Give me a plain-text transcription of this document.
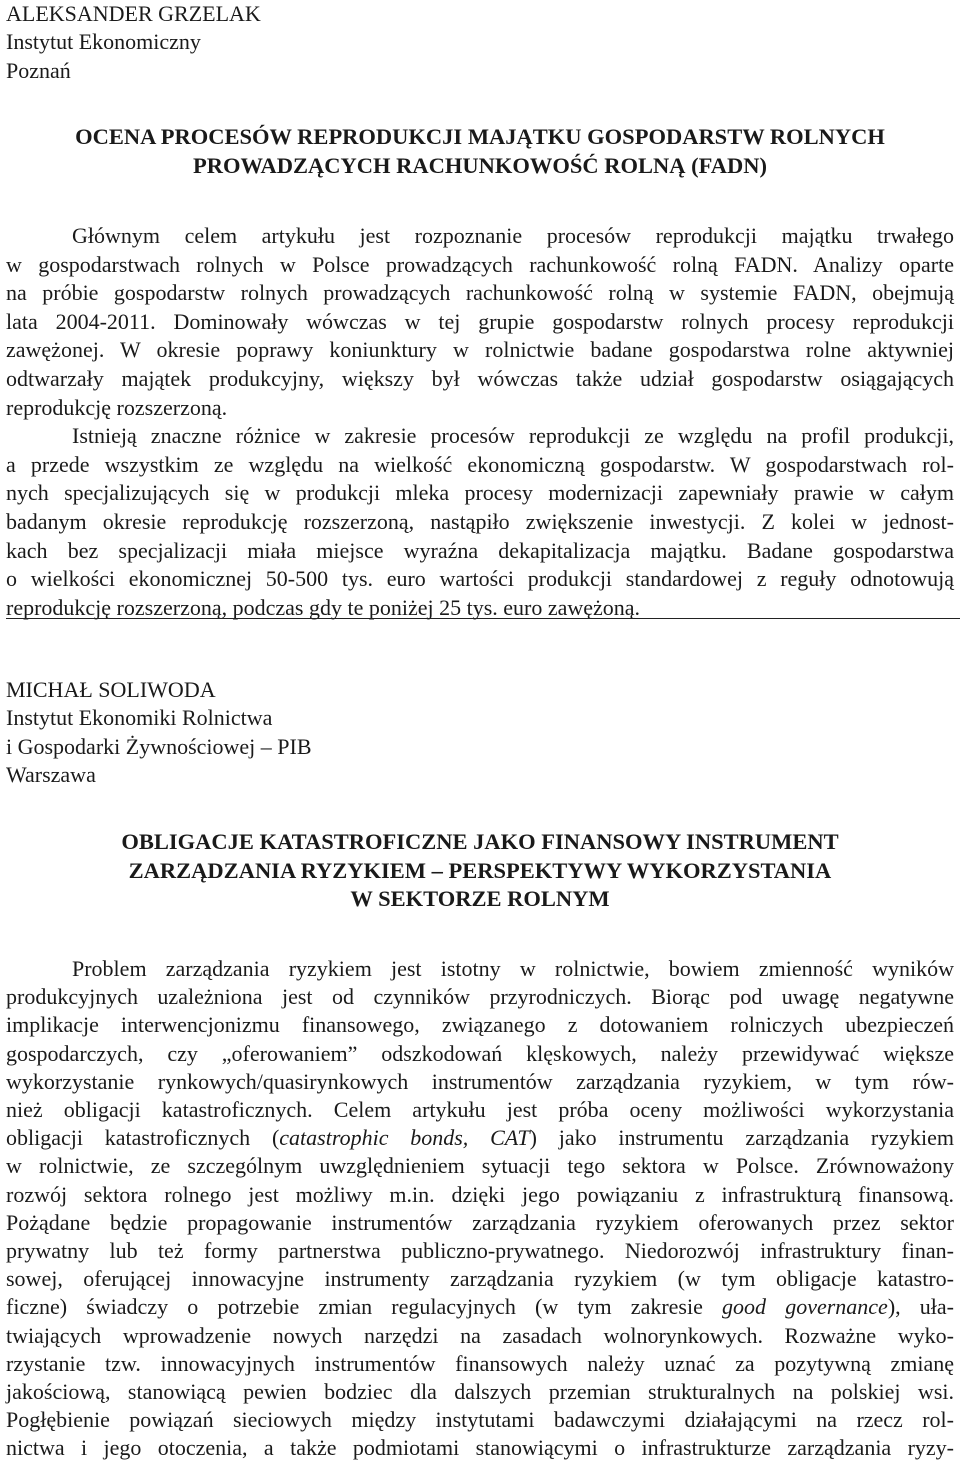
ALEKSANDER GRZELAK
Instytut Ekonomiczny
Poznań
OCENA PROCESÓW REPRODUKCJI MAJĄTKU GOSPODARSTW ROLNYCH
PROWADZĄCYCH RACHUNKOWOŚĆ ROLNĄ (FADN)
Głównym celem artykułu jest rozpoznanie procesów reprodukcji majątku trwałego
w gospodarstwach rolnych w Polsce prowadzących rachunkowość rolną FADN. Analizy oparte
na próbie gospodarstw rolnych prowadzących rachunkowość rolną w systemie FADN, obejmują
lata 2004-2011. Dominowały wówczas w tej grupie gospodarstw rolnych procesy reprodukcji
zawężonej. W okresie poprawy koniunktury w rolnictwie badane gospodarstwa rolne aktywniej
odtwarzały majątek produkcyjny, większy był wówczas także udział gospodarstw osiągających
reprodukcję rozszerzoną.
Istnieją znaczne różnice w zakresie procesów reprodukcji ze względu na profil produkcji,
a przede wszystkim ze względu na wielkość ekonomiczną gospodarstw. W gospodarstwach rol-
nych specjalizujących się w produkcji mleka procesy modernizacji zapewniały prawie w całym
badanym okresie reprodukcję rozszerzoną, nastąpiło zwiększenie inwestycji. Z kolei w jednost-
kach bez specjalizacji miała miejsce wyraźna dekapitalizacja majątku. Badane gospodarstwa
o wielkości ekonomicznej 50-500 tys. euro wartości produkcji standardowej z reguły odnotowują
reprodukcję rozszerzoną, podczas gdy te poniżej 25 tys. euro zawężoną.
MICHAŁ SOLIWODA
Instytut Ekonomiki Rolnictwa
i Gospodarki Żywnościowej – PIB
Warszawa
OBLIGACJE KATASTROFICZNE JAKO FINANSOWY INSTRUMENT
ZARZĄDZANIA RYZYKIEM – PERSPEKTYWY WYKORZYSTANIA
W SEKTORZE ROLNYM
Problem zarządzania ryzykiem jest istotny w rolnictwie, bowiem zmienność wyników
produkcyjnych uzależniona jest od czynników przyrodniczych. Biorąc pod uwagę negatywne
implikacje interwencjonizmu finansowego, związanego z dotowaniem rolniczych ubezpieczeń
gospodarczych, czy „oferowaniem” odszkodowań klęskowych, należy przewidywać większe
wykorzystanie rynkowych/quasirynkowych instrumentów zarządzania ryzykiem, w tym rów-
nież obligacji katastroficznych. Celem artykułu jest próba oceny możliwości wykorzystania
obligacji katastroficznych (catastrophic bonds, CAT) jako instrumentu zarządzania ryzykiem
w rolnictwie, ze szczególnym uwzględnieniem sytuacji tego sektora w Polsce. Zrównoważony
rozwój sektora rolnego jest możliwy m.in. dzięki jego powiązaniu z infrastrukturą finansową.
Pożądane będzie propagowanie instrumentów zarządzania ryzykiem oferowanych przez sektor
prywatny lub też formy partnerstwa publiczno-prywatnego. Niedorozwój infrastruktury finan-
sowej, oferującej innowacyjne instrumenty zarządzania ryzykiem (w tym obligacje katastro-
ficzne) świadczy o potrzebie zmian regulacyjnych (w tym zakresie good governance), uła-
twiających wprowadzenie nowych narzędzi na zasadach wolnorynkowych. Rozważne wyko-
rzystanie tzw. innowacyjnych instrumentów finansowych należy uznać za pozytywną zmianę
jakościową, stanowiącą pewien bodziec dla dalszych przemian strukturalnych na polskiej wsi.
Pogłębienie powiązań sieciowych między instytutami badawczymi działającymi na rzecz rol-
nictwa i jego otoczenia, a także podmiotami stanowiącymi o infrastrukturze zarządzania ryzy-
